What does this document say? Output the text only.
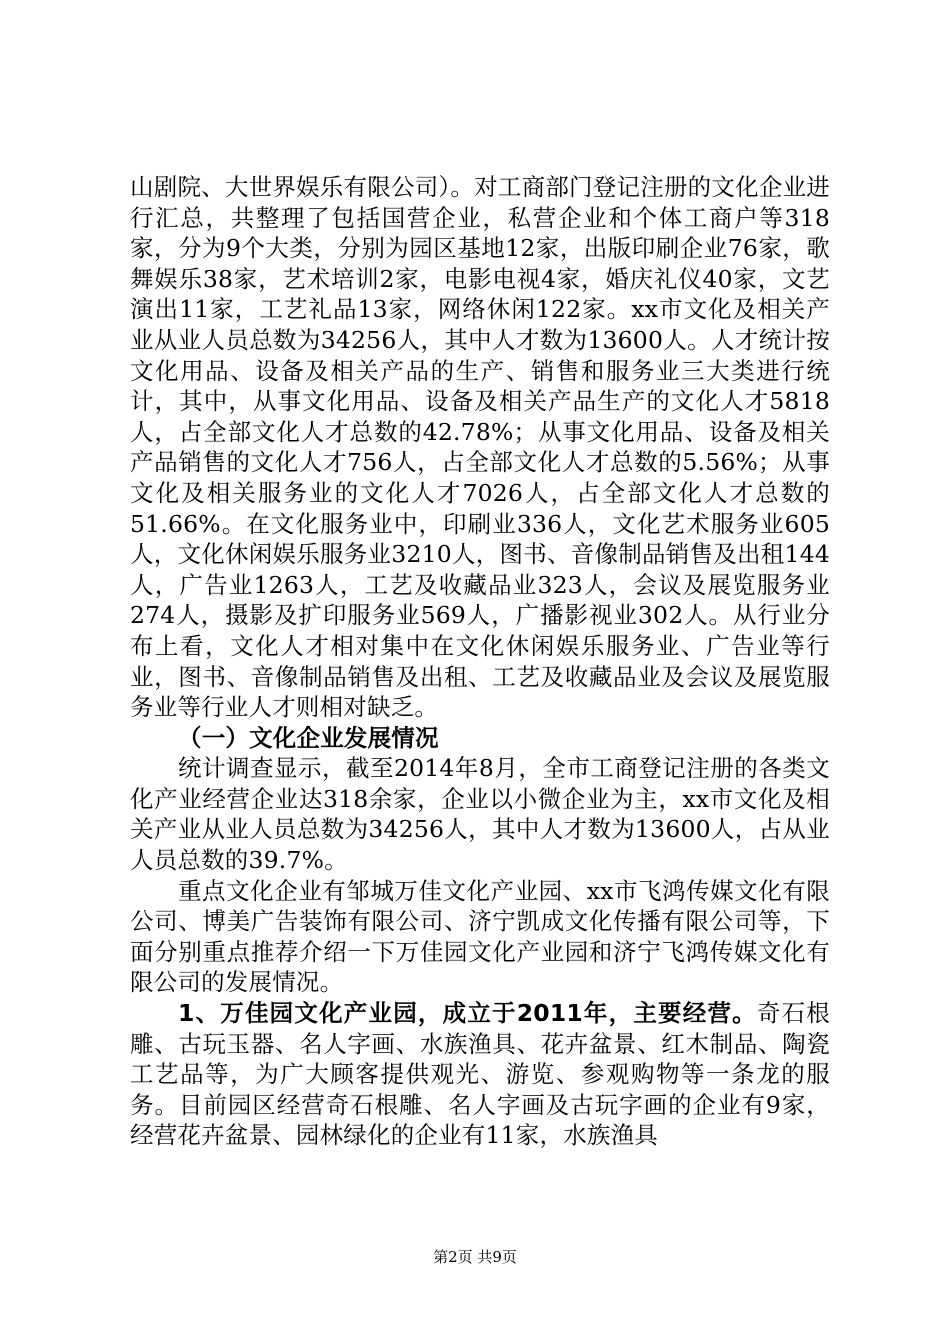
山剧院、大世界娱乐有限公司）。对工商部门登记注册的文化企业进行汇总，共整理了包括国营企业，私营企业和个体工商户等318家，分为9个大类，分别为园区基地12家，出版印刷企业76家，歌舞娱乐38家，艺术培训2家，电影电视4家，婚庆礼仪40家，文艺演出11家，工艺礼品13家，网络休闲122家。xx市文化及相关产业从业人员总数为34256人，其中人才数为13600人。人才统计按文化用品、设备及相关产品的生产、销售和服务业三大类进行统计，其中，从事文化用品、设备及相关产品生产的文化人才5818人，占全部文化人才总数的42.78%；从事文化用品、设备及相关产品销售的文化人才756人，占全部文化人才总数的5.56%；从事文化及相关服务业的文化人才7026人，占全部文化人才总数的51.66%。在文化服务业中，印刷业336人，文化艺术服务业605人，文化休闲娱乐服务业3210人，图书、音像制品销售及出租144人，广告业1263人，工艺及收藏品业323人，会议及展览服务业274人，摄影及扩印服务业569人，广播影视业302人。从行业分布上看，文化人才相对集中在文化休闲娱乐服务业、广告业等行业，图书、音像制品销售及出租、工艺及收藏品业及会议及展览服务业等行业人才则相对缺乏。

（一）文化企业发展情况

统计调查显示，截至2014年8月，全市工商登记注册的各类文化产业经营企业达318余家，企业以小微企业为主，xx市文化及相关产业从业人员总数为34256人，其中人才数为13600人，占从业人员总数的39.7%。

重点文化企业有邹城万佳文化产业园、xx市飞鸿传媒文化有限公司、博美广告装饰有限公司、济宁凯成文化传播有限公司等，下面分别重点推荐介绍一下万佳园文化产业园和济宁飞鸿传媒文化有限公司的发展情况。

1、万佳园文化产业园，成立于2011年，主要经营。奇石根雕、古玩玉器、名人字画、水族渔具、花卉盆景、红木制品、陶瓷工艺品等，为广大顾客提供观光、游览、参观购物等一条龙的服务。目前园区经营奇石根雕、名人字画及古玩字画的企业有9家，经营花卉盆景、园林绿化的企业有11家，水族渔具

第2页 共9页
